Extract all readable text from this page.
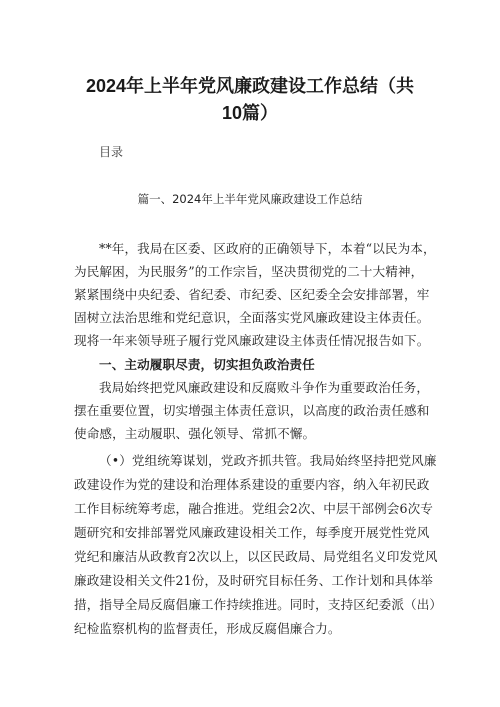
2024年上半年党风廉政建设工作总结（共
10篇）
目录
篇一、2024年上半年党风廉政建设工作总结
**年，我局在区委、区政府的正确领导下，本着“以民为本，
为民解困，为民服务”的工作宗旨，坚决贯彻党的二十大精神，
紧紧围绕中央纪委、省纪委、市纪委、区纪委全会安排部署，牢
固树立法治思维和党纪意识，全面落实党风廉政建设主体责任。
现将一年来领导班子履行党风廉政建设主体责任情况报告如下。
一、主动履职尽责，切实担负政治责任
我局始终把党风廉政建设和反腐败斗争作为重要政治任务，
摆在重要位置，切实增强主体责任意识，以高度的政治责任感和
使命感，主动履职、强化领导、常抓不懈。
（•）党组统筹谋划，党政齐抓共管。我局始终坚持把党风廉
政建设作为党的建设和治理体系建设的重要内容，纳入年初民政
工作目标统筹考虑，融合推进。党组会2次、中层干部例会6次专
题研究和安排部署党风廉政建设相关工作，每季度开展党性党风
党纪和廉洁从政教育2次以上，以区民政局、局党组名义印发党风
廉政建设相关文件21份，及时研究目标任务、工作计划和具体举
措，指导全局反腐倡廉工作持续推进。同时，支持区纪委派（出）
纪检监察机构的监督责任，形成反腐倡廉合力。
